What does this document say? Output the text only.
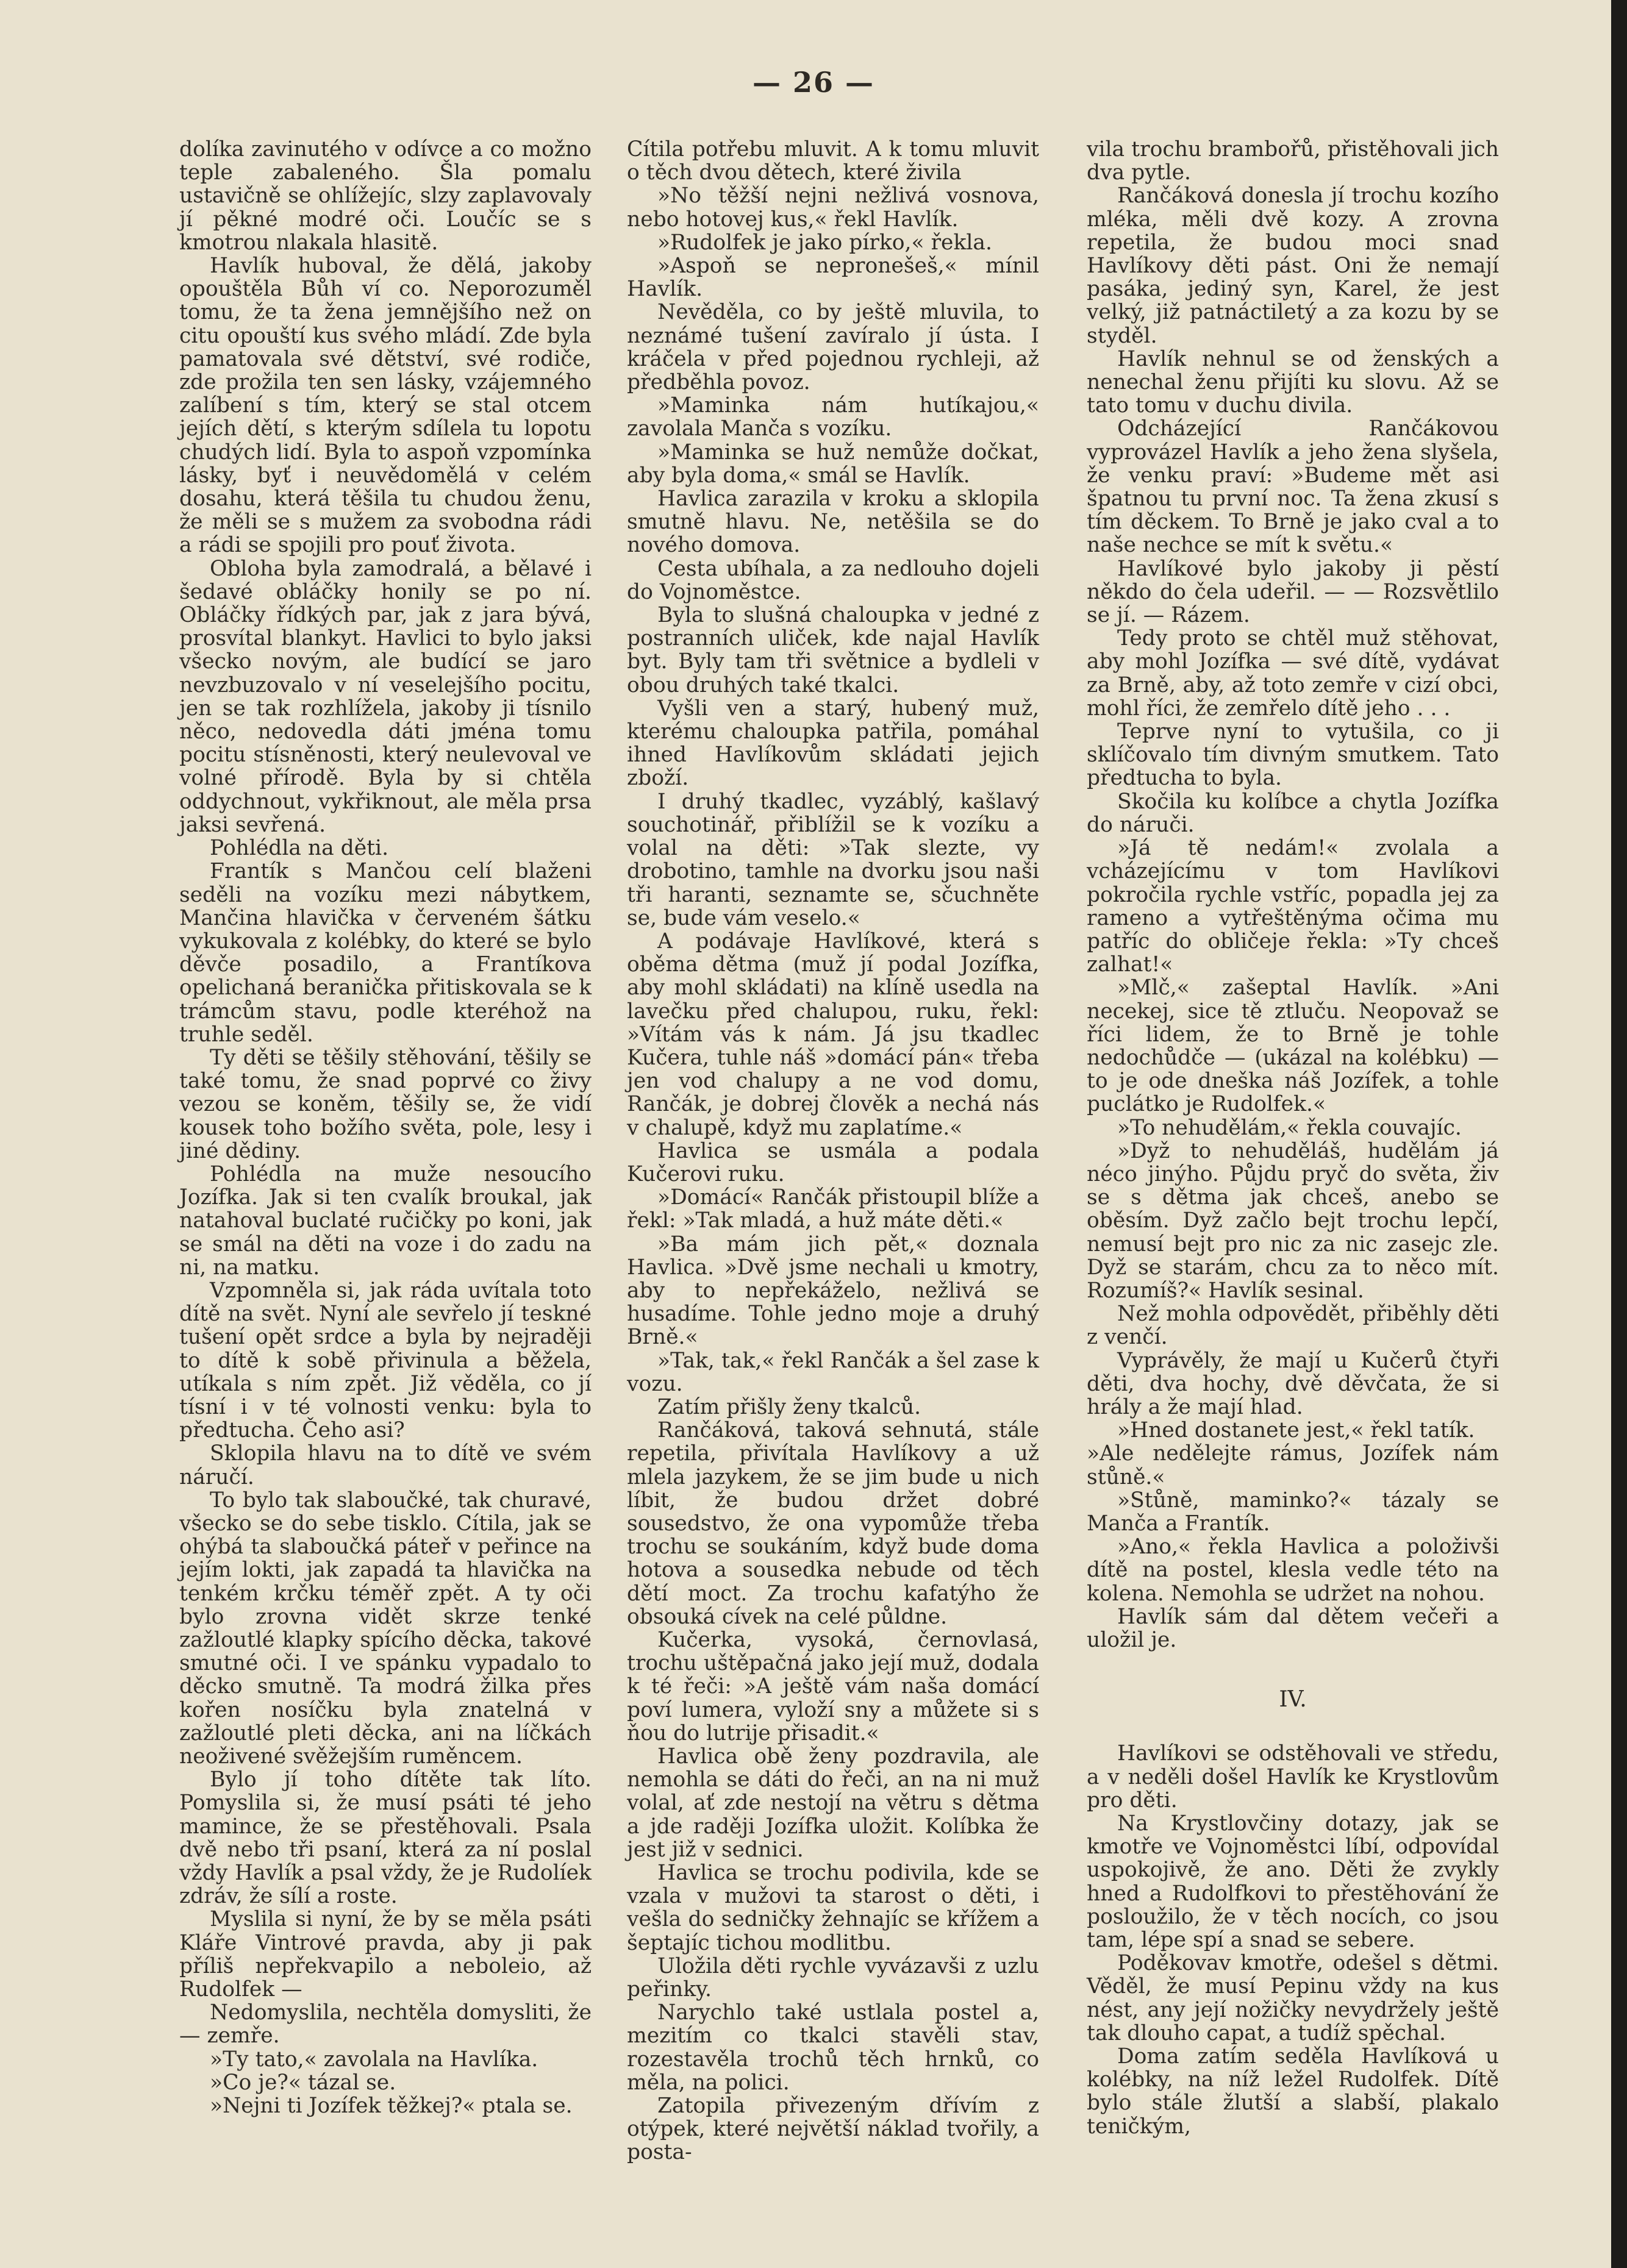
— 26 —

dolíka zavinutého v odívce a co možno teple zabaleného. Šla pomalu ustavičně se ohlížejíc, slzy zaplavovaly jí pěkné modré oči. Loučíc se s kmotrou nlakala hlasitě.

Havlík huboval, že dělá, jakoby opouštěla Bůh ví co. Neporozuměl tomu, že ta žena jemnějšího než on citu opouští kus svého mládí. Zde byla pamatovala své dětství, své rodiče, zde prožila ten sen lásky, vzájemného zalíbení s tím, který se stal otcem jejích dětí, s kterým sdílela tu lopotu chudých lidí. Byla to aspoň vzpomínka lásky, byť i neuvědomělá v celém dosahu, která těšila tu chudou ženu, že měli se s mužem za svobodna rádi a rádi se spojili pro pouť života.

Obloha byla zamodralá, a bělavé i šedavé obláčky honily se po ní. Obláčky řídkých par, jak z jara bývá, prosvítal blankyt. Havlici to bylo jaksi všecko novým, ale budící se jaro nevzbuzovalo v ní veselejšího pocitu, jen se tak rozhlížela, jakoby ji tísnilo něco, nedovedla dáti jména tomu pocitu stísněnosti, který neulevoval ve volné přírodě. Byla by si chtěla oddychnout, vykřiknout, ale měla prsa jaksi sevřená.

Pohlédla na děti.

Frantík s Mančou celí blaženi seděli na vozíku mezi nábytkem, Mančina hlavička v červeném šátku vykukovala z kolébky, do které se bylo děvče posadilo, a Frantíkova opelichaná beranička přitiskovala se k trámcům stavu, podle kteréhož na truhle seděl.

Ty děti se těšily stěhování, těšily se také tomu, že snad poprvé co živy vezou se koněm, těšily se, že vidí kousek toho božího světa, pole, lesy i jiné dědiny.

Pohlédla na muže nesoucího Jozífka. Jak si ten cvalík broukal, jak natahoval buclaté ručičky po koni, jak se smál na děti na voze i do zadu na ni, na matku.

Vzpomněla si, jak ráda uvítala toto dítě na svět. Nyní ale sevřelo jí teskné tušení opět srdce a byla by nejraději to dítě k sobě přivinula a běžela, utíkala s ním zpět. Již věděla, co jí tísní i v té volnosti venku: byla to předtucha. Čeho asi?

Sklopila hlavu na to dítě ve svém náručí.

To bylo tak slaboučké, tak churavé, všecko se do sebe tisklo. Cítila, jak se ohýbá ta slaboučká páteř v peřince na jejím lokti, jak zapadá ta hlavička na tenkém krčku téměř zpět. A ty oči bylo zrovna vidět skrze tenké zažloutlé klapky spícího děcka, takové smutné oči. I ve spánku vypadalo to děcko smutně. Ta modrá žilka přes kořen nosíčku byla znatelná v zažloutlé pleti děcka, ani na líčkách neoživené svěžejším ruměncem.

Bylo jí toho dítěte tak líto. Pomyslila si, že musí psáti té jeho mamince, že se přestěhovali. Psala dvě nebo tři psaní, která za ní poslal vždy Havlík a psal vždy, že je Rudolíek zdráv, že sílí a roste.

Myslila si nyní, že by se měla psáti Kláře Vintrové pravda, aby ji pak příliš nepřekvapilo a neboleio, až Rudolfek —

Nedomyslila, nechtěla domysliti, že — zemře.

»Ty tato,« zavolala na Havlíka.

»Co je?« tázal se.

»Nejni ti Jozífek těžkej?« ptala se.

Cítila potřebu mluvit. A k tomu mluvit o těch dvou dětech, které živila

»No těžší nejni nežlivá vosnova, nebo hotovej kus,« řekl Havlík.

»Rudolfek je jako pírko,« řekla.

»Aspoň se nepronešeš,« mínil Havlík.

Nevěděla, co by ještě mluvila, to neznámé tušení zavíralo jí ústa. I kráčela v před pojednou rychleji, až předběhla povoz.

»Maminka nám hutíkajou,« zavolala Manča s vozíku.

»Maminka se huž nemůže dočkat, aby byla doma,« smál se Havlík.

Havlica zarazila v kroku a sklopila smutně hlavu. Ne, netěšila se do nového domova.

Cesta ubíhala, a za nedlouho dojeli do Vojnoměstce.

Byla to slušná chaloupka v jedné z postranních uliček, kde najal Havlík byt. Byly tam tři světnice a bydleli v obou druhých také tkalci.

Vyšli ven a starý, hubený muž, kterému chaloupka patřila, pomáhal ihned Havlíkovům skládati jejich zboží.

I druhý tkadlec, vyzáblý, kašlavý souchotinář, přiblížil se k vozíku a volal na děti: »Tak slezte, vy drobotino, tamhle na dvorku jsou naši tři haranti, seznamte se, sčuchněte se, bude vám veselo.«

A podávaje Havlíkové, která s oběma dětma (muž jí podal Jozífka, aby mohl skládati) na klíně usedla na lavečku před chalupou, ruku, řekl: »Vítám vás k nám. Já jsu tkadlec Kučera, tuhle náš »domácí pán« třeba jen vod chalupy a ne vod domu, Rančák, je dobrej člověk a nechá nás v chalupě, když mu zaplatíme.«

Havlica se usmála a podala Kučerovi ruku.

»Domácí« Rančák přistoupil blíže a řekl: »Tak mladá, a huž máte děti.«

»Ba mám jich pět,« doznala Havlica. »Dvě jsme nechali u kmotry, aby to nepřekáželo, nežlivá se husadíme. Tohle jedno moje a druhý Brně.«

»Tak, tak,« řekl Rančák a šel zase k vozu.

Zatím přišly ženy tkalců.

Rančáková, taková sehnutá, stále repetila, přivítala Havlíkovy a už mlela jazykem, že se jim bude u nich líbit, že budou držet dobré sousedstvo, že ona vypomůže třeba trochu se soukáním, když bude doma hotova a sousedka nebude od těch dětí moct. Za trochu kafatýho že obsouká cívek na celé půldne.

Kučerka, vysoká, černovlasá, trochu uštěpačná jako její muž, dodala k té řeči: »A ještě vám naša domácí poví lumera, vyloží sny a můžete si s ňou do lutrije přisadit.«

Havlica obě ženy pozdravila, ale nemohla se dáti do řeči, an na ni muž volal, ať zde nestojí na větru s dětma a jde raději Jozífka uložit. Kolíbka že jest již v sednici.

Havlica se trochu podivila, kde se vzala v mužovi ta starost o děti, i vešla do sedničky žehnajíc se křížem a šeptajíc tichou modlitbu.

Uložila děti rychle vyvázavši z uzlu peřinky.

Narychlo také ustlala postel a, mezitím co tkalci stavěli stav, rozestavěla trochů těch hrnků, co měla, na polici.

Zatopila přivezeným dřívím z otýpek, které největší náklad tvořily, a posta-

vila trochu brambořů, přistěhovali jich dva pytle.

Rančáková donesla jí trochu kozího mléka, měli dvě kozy. A zrovna repetila, že budou moci snad Havlíkovy děti pást. Oni že nemají pasáka, jediný syn, Karel, že jest velký, již patnáctiletý a za kozu by se styděl.

Havlík nehnul se od ženských a nenechal ženu přijíti ku slovu. Až se tato tomu v duchu divila.

Odcházející Rančákovou vyprovázel Havlík a jeho žena slyšela, že venku praví: »Budeme mět asi špatnou tu první noc. Ta žena zkusí s tím děckem. To Brně je jako cval a to naše nechce se mít k světu.«

Havlíkové bylo jakoby ji pěstí někdo do čela udeřil. — — Rozsvětlilo se jí. — Rázem.

Tedy proto se chtěl muž stěhovat, aby mohl Jozífka — své dítě, vydávat za Brně, aby, až toto zemře v cizí obci, mohl říci, že zemřelo dítě jeho . . .

Teprve nyní to vytušila, co ji sklíčovalo tím divným smutkem. Tato předtucha to byla.

Skočila ku kolíbce a chytla Jozífka do náruči.

»Já tě nedám!« zvolala a vcházejícímu v tom Havlíkovi pokročila rychle vstříc, popadla jej za rameno a vytřeštěnýma očima mu patříc do obličeje řekla: »Ty chceš zalhat!«

»Mlč,« zašeptal Havlík. »Ani necekej, sice tě ztluču. Neopovaž se říci lidem, že to Brně je tohle nedochůdče — (ukázal na kolébku) — to je ode dneška náš Jozífek, a tohle puclátko je Rudolfek.«

»To nehudělám,« řekla couvajíc.

»Dyž to nehuděláš, hudělám já néco jinýho. Půjdu pryč do světa, živ se s dětma jak chceš, anebo se oběsím. Dyž začlo bejt trochu lepčí, nemusí bejt pro nic za nic zasejc zle. Dyž se starám, chcu za to něco mít. Rozumíš?« Havlík sesinal.

Než mohla odpovědět, přiběhly děti z venčí.

Vyprávěly, že mají u Kučerů čtyři děti, dva hochy, dvě děvčata, že si hrály a že mají hlad.

»Hned dostanete jest,« řekl tatík.

»Ale nedělejte rámus, Jozífek nám stůně.«

»Stůně, maminko?« tázaly se Manča a Frantík.

»Ano,« řekla Havlica a položivši dítě na postel, klesla vedle této na kolena. Nemohla se udržet na nohou.

Havlík sám dal dětem večeři a uložil je.

IV.

Havlíkovi se odstěhovali ve středu, a v neděli došel Havlík ke Krystlovům pro děti.

Na Krystlovčiny dotazy, jak se kmotře ve Vojnoměstci líbí, odpovídal uspokojivě, že ano. Děti že zvykly hned a Rudolfkovi to přestěhování že posloužilo, že v těch nocích, co jsou tam, lépe spí a snad se sebere.

Poděkovav kmotře, odešel s dětmi. Věděl, že musí Pepinu vždy na kus nést, any její nožičky nevydržely ještě tak dlouho capat, a tudíž spěchal.

Doma zatím seděla Havlíková u kolébky, na níž ležel Rudolfek. Dítě bylo stále žlutší a slabší, plakalo teničkým,
